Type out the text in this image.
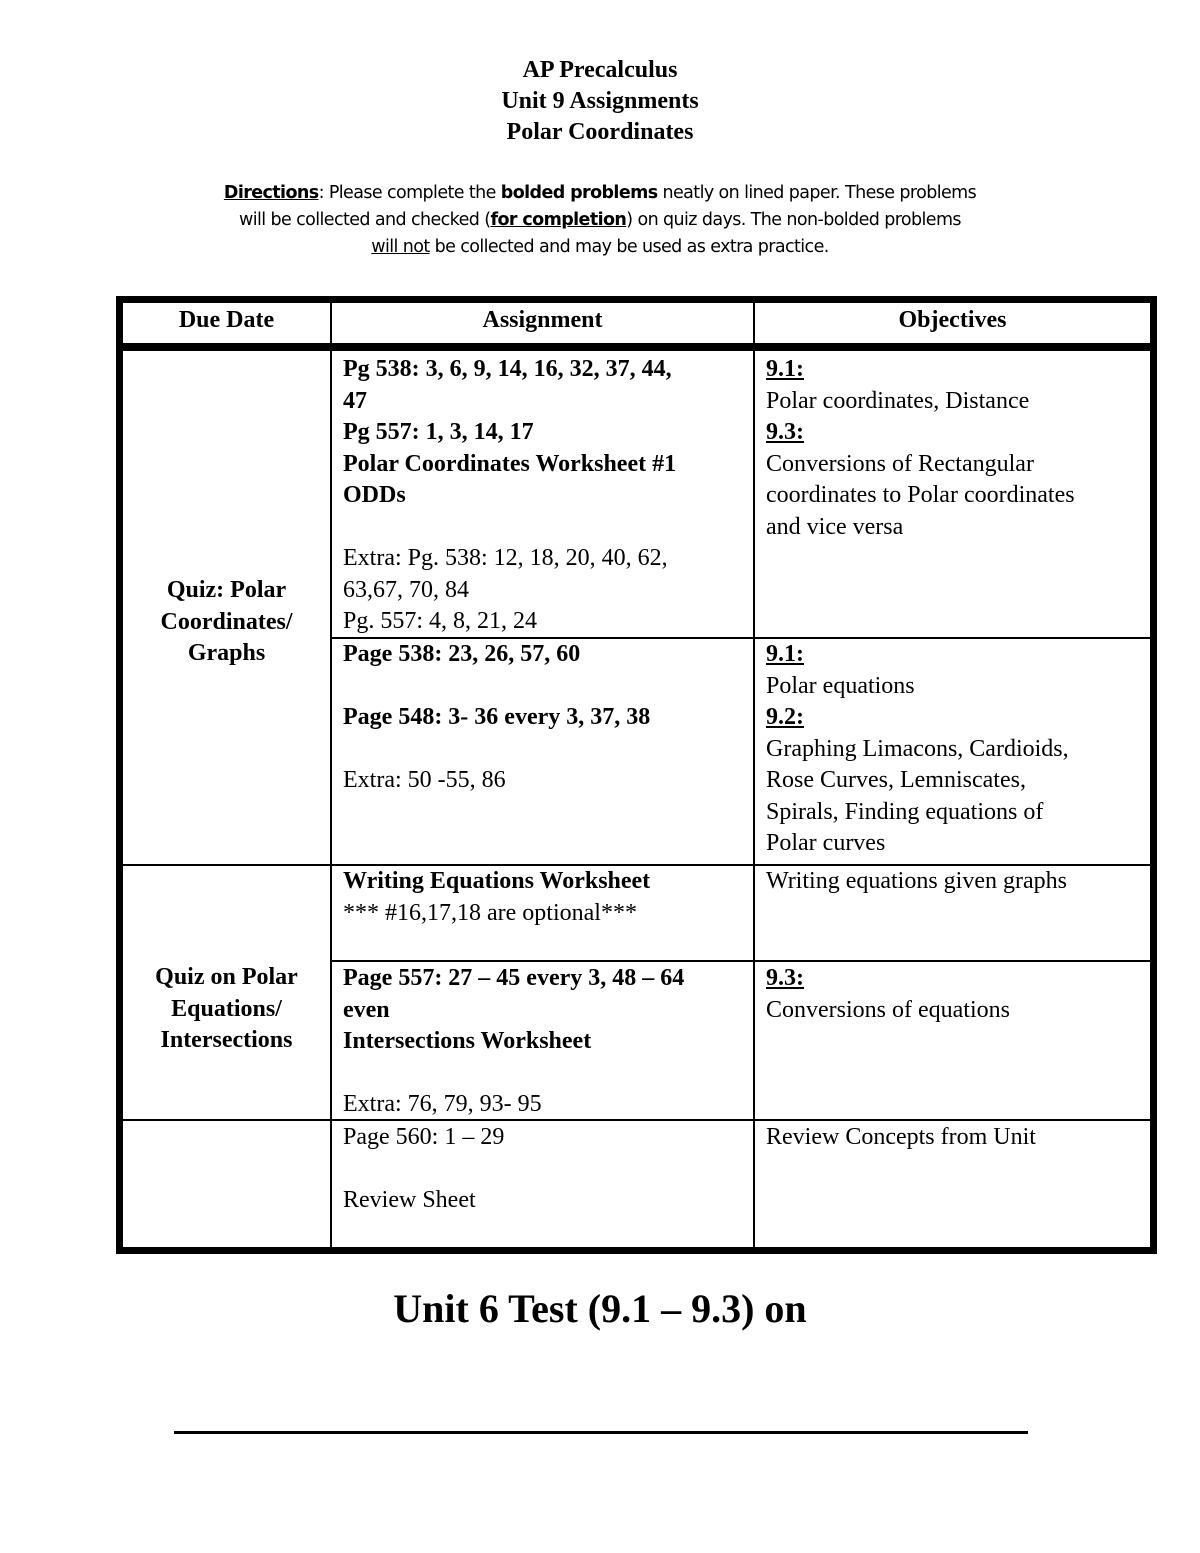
AP Precalculus
Unit 9 Assignments
Polar Coordinates
Directions: Please complete the bolded problems neatly on lined paper. These problems
will be collected and checked (for completion) on quiz days. The non-bolded problems
will not be collected and may be used as extra practice.
Due Date	Assignment	Objectives
Quiz: Polar
Coordinates/
Graphs
Quiz on Polar
Equations/
Intersections
Pg 538: 3, 6, 9, 14, 16, 32, 37, 44,
47
Pg 557: 1, 3, 14, 17
Polar Coordinates Worksheet #1
ODDs
Extra: Pg. 538: 12, 18, 20, 40, 62,
63,67, 70, 84
Pg. 557: 4, 8, 21, 24
9.1:
Polar coordinates, Distance
9.3:
Conversions of Rectangular
coordinates to Polar coordinates
and vice versa
Page 538: 23, 26, 57, 60
Page 548: 3- 36 every 3, 37, 38
Extra: 50 -55, 86
9.1:
Polar equations
9.2:
Graphing Limacons, Cardioids,
Rose Curves, Lemniscates,
Spirals, Finding equations of
Polar curves
Writing Equations Worksheet
*** #16,17,18 are optional***
Writing equations given graphs
Page 557: 27 – 45 every 3, 48 – 64
even
Intersections Worksheet
Extra: 76, 79, 93- 95
9.3:
Conversions of equations
Page 560: 1 – 29
Review Sheet
Review Concepts from Unit
Unit 6 Test (9.1 – 9.3) on
